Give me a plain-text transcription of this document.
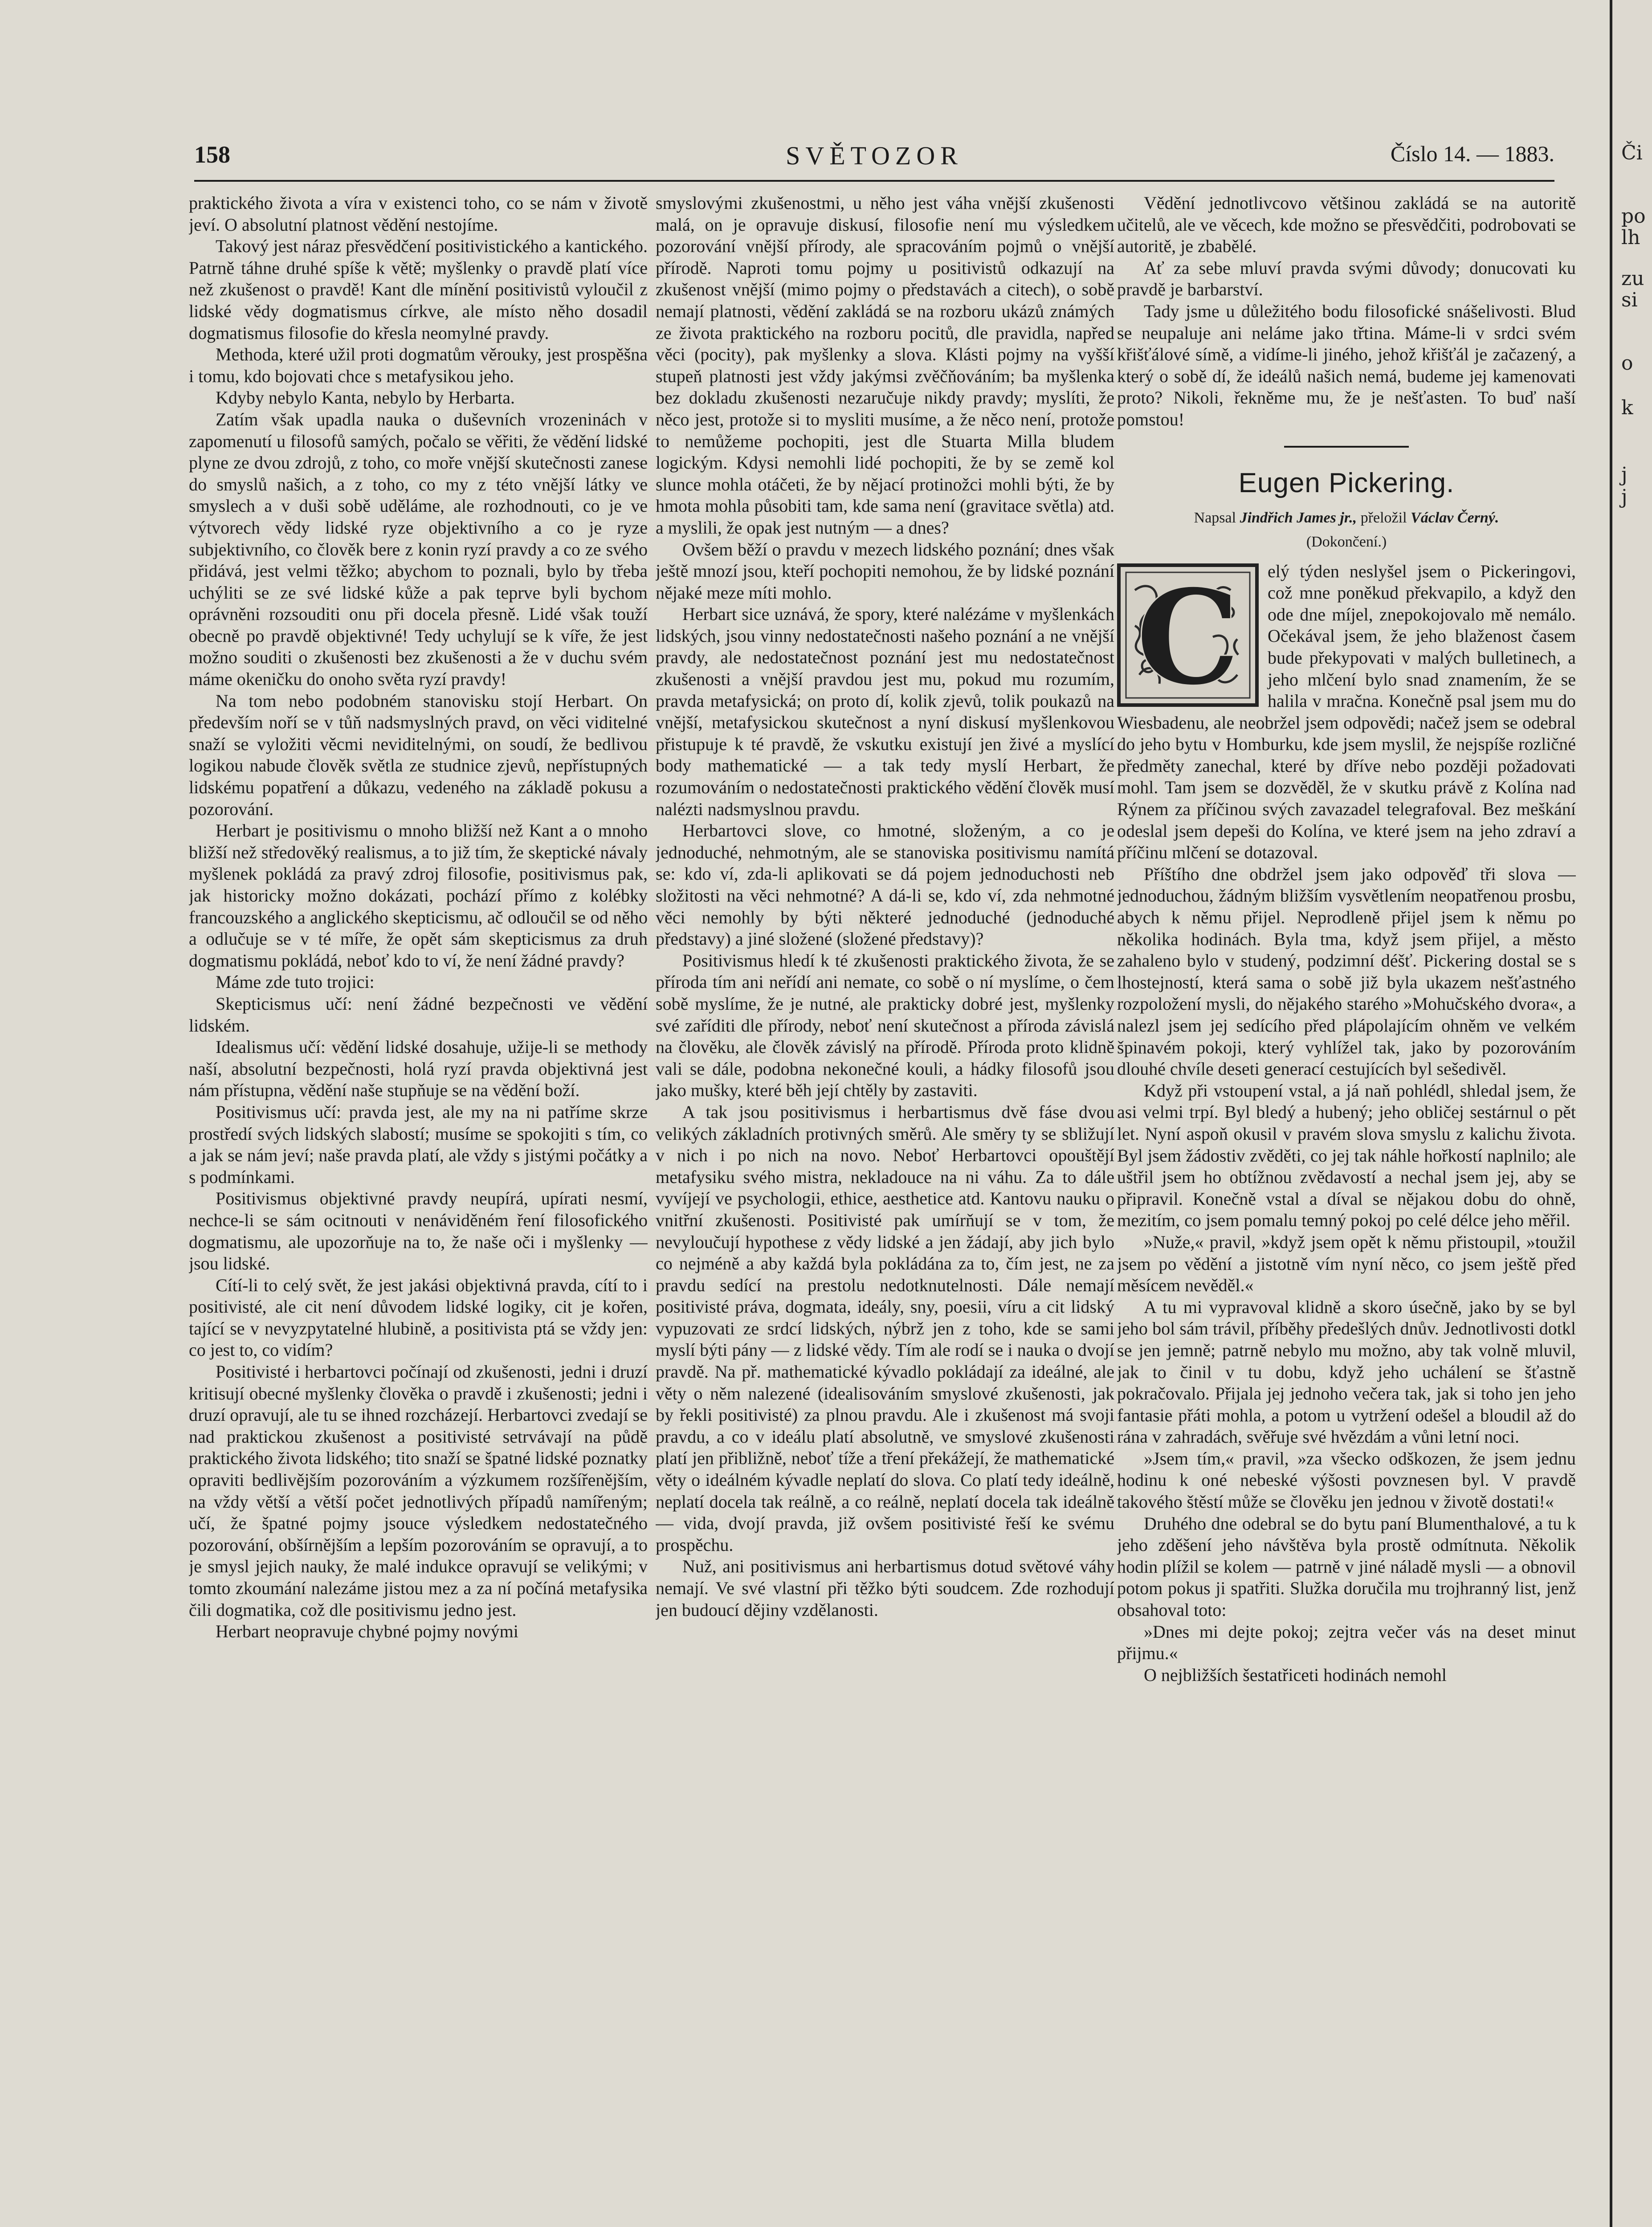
158	SVĚTOZOR	Číslo 14. — 1883.

praktického života a víra v existenci toho, co se nám v životě jeví. O absolutní platnost vědění nestojíme.

Takový jest náraz přesvědčení positivistického a kantického. Patrně táhne druhé spíše k větě; myšlenky o pravdě platí více než zkušenost o pravdě! Kant dle mínění positivistů vyloučil z lidské vědy dogmatismus církve, ale místo něho dosadil dogmatismus filosofie do křesla neomylné pravdy.

Methoda, které užil proti dogmatům věrouky, jest prospěšna i tomu, kdo bojovati chce s metafysikou jeho.

Kdyby nebylo Kanta, nebylo by Herbarta.

Zatím však upadla nauka o duševních vrozeninách v zapomenutí u filosofů samých, počalo se věřiti, že vědění lidské plyne ze dvou zdrojů, z toho, co moře vnější skutečnosti zanese do smyslů našich, a z toho, co my z této vnější látky ve smyslech a v duši sobě uděláme, ale rozhodnouti, co je ve výtvorech vědy lidské ryze objektivního a co je ryze subjektivního, co člověk bere z konin ryzí pravdy a co ze svého přidává, jest velmi těžko; abychom to poznali, bylo by třeba uchýliti se ze své lidské kůže a pak teprve byli bychom oprávněni rozsouditi onu při docela přesně. Lidé však touží obecně po pravdě objektivné! Tedy uchylují se k víře, že jest možno souditi o zkušenosti bez zkušenosti a že v duchu svém máme okeničku do onoho světa ryzí pravdy!

Na tom nebo podobném stanovisku stojí Herbart. On především noří se v tůň nadsmyslných pravd, on věci viditelné snaží se vyložiti věcmi neviditelnými, on soudí, že bedlivou logikou nabude člověk světla ze studnice zjevů, nepřístupných lidskému popatření a důkazu, vedeného na základě pokusu a pozorování.

Herbart je positivismu o mnoho bližší než Kant a o mnoho bližší než středověký realismus, a to již tím, že skeptické návaly myšlenek pokládá za pravý zdroj filosofie, positivismus pak, jak historicky možno dokázati, pochází přímo z kolébky francouzského a anglického skepticismu, ač odloučil se od něho a odlučuje se v té míře, že opět sám skepticismus za druh dogmatismu pokládá, neboť kdo to ví, že není žádné pravdy?

Máme zde tuto trojici:

Skepticismus učí: není žádné bezpečnosti ve vědění lidském.

Idealismus učí: vědění lidské dosahuje, užije-li se methody naší, absolutní bezpečnosti, holá ryzí pravda objektivná jest nám přístupna, vědění naše stupňuje se na vědění boží.

Positivismus učí: pravda jest, ale my na ni patříme skrze prostředí svých lidských slabostí; musíme se spokojiti s tím, co a jak se nám jeví; naše pravda platí, ale vždy s jistými počátky a s podmínkami.

Positivismus objektivné pravdy neupírá, upírati nesmí, nechce-li se sám ocitnouti v nenáviděném ření filosofického dogmatismu, ale upozorňuje na to, že naše oči i myšlenky — jsou lidské.

Cítí-li to celý svět, že jest jakási objektivná pravda, cítí to i positivisté, ale cit není důvodem lidské logiky, cit je kořen, tající se v nevyzpytatelné hlubině, a positivista ptá se vždy jen: co jest to, co vidím?

Positivisté i herbartovci počínají od zkušenosti, jedni i druzí kritisují obecné myšlenky člověka o pravdě i zkušenosti; jedni i druzí opravují, ale tu se ihned rozcházejí. Herbartovci zvedají se nad praktickou zkušenost a positivisté setrvávají na půdě praktického života lidského; tito snaží se špatné lidské poznatky opraviti bedlivějším pozorováním a výzkumem rozšířenějším, na vždy větší a větší počet jednotlivých případů namířeným; učí, že špatné pojmy jsouce výsledkem nedostatečného pozorování, obšírnějším a lepším pozorováním se opravují, a to je smysl jejich nauky, že malé indukce opravují se velikými; v tomto zkoumání nalezáme jistou mez a za ní počíná metafysika čili dogmatika, což dle positivismu jedno jest.

Herbart neopravuje chybné pojmy novými

smyslovými zkušenostmi, u něho jest váha vnější zkušenosti malá, on je opravuje diskusí, filosofie není mu výsledkem pozorování vnější přírody, ale spracováním pojmů o vnější přírodě. Naproti tomu pojmy u positivistů odkazují na zkušenost vnější (mimo pojmy o představách a citech), o sobě nemají platnosti, vědění zakládá se na rozboru ukázů známých ze života praktického na rozboru pocitů, dle pravidla, napřed věci (pocity), pak myšlenky a slova. Klásti pojmy na vyšší stupeň platnosti jest vždy jakýmsi zvěčňováním; ba myšlenka bez dokladu zkušenosti nezaručuje nikdy pravdy; myslíti, že něco jest, protože si to mysliti musíme, a že něco není, protože to nemůžeme pochopiti, jest dle Stuarta Milla bludem logickým. Kdysi nemohli lidé pochopiti, že by se země kol slunce mohla otáčeti, že by nějací protinožci mohli býti, že by hmota mohla působiti tam, kde sama není (gravitace světla) atd. a myslili, že opak jest nutným — a dnes?

Ovšem běží o pravdu v mezech lidského poznání; dnes však ještě mnozí jsou, kteří pochopiti nemohou, že by lidské poznání nějaké meze míti mohlo.

Herbart sice uznává, že spory, které nalézáme v myšlenkách lidských, jsou vinny nedostatečnosti našeho poznání a ne vnější pravdy, ale nedostatečnost poznání jest mu nedostatečnost zkušenosti a vnější pravdou jest mu, pokud mu rozumím, pravda metafysická; on proto dí, kolik zjevů, tolik poukazů na vnější, metafysickou skutečnost a nyní diskusí myšlenkovou přistupuje k té pravdě, že vskutku existují jen živé a myslící body mathematické — a tak tedy myslí Herbart, že rozumováním o nedostatečnosti praktického vědění člověk musí nalézti nadsmyslnou pravdu.

Herbartovci slove, co hmotné, složeným, a co je jednoduché, nehmotným, ale se stanoviska positivismu namítá se: kdo ví, zda-li aplikovati se dá pojem jednoduchosti neb složitosti na věci nehmotné? A dá-li se, kdo ví, zda nehmotné věci nemohly by býti některé jednoduché (jednoduché představy) a jiné složené (složené představy)?

Positivismus hledí k té zkušenosti praktického života, že se příroda tím ani neřídí ani nemate, co sobě o ní myslíme, o čem sobě myslíme, že je nutné, ale prakticky dobré jest, myšlenky své zaříditi dle přírody, neboť není skutečnost a příroda závislá na člověku, ale člověk závislý na přírodě. Příroda proto klidně vali se dále, podobna nekonečné kouli, a hádky filosofů jsou jako mušky, které běh její chtěly by zastaviti.

A tak jsou positivismus i herbartismus dvě fáse dvou velikých základních protivných směrů. Ale směry ty se sbližují v nich i po nich na novo. Neboť Herbartovci opouštějí metafysiku svého mistra, nekladouce na ni váhu. Za to dále vyvíjejí ve psychologii, ethice, aesthetice atd. Kantovu nauku o vnitřní zkušenosti. Positivisté pak umírňují se v tom, že nevyloučují hypothese z vědy lidské a jen žádají, aby jich bylo co nejméně a aby každá byla pokládána za to, čím jest, ne za pravdu sedící na prestolu nedotknutelnosti. Dále nemají positivisté práva, dogmata, ideály, sny, poesii, víru a cit lidský vypuzovati ze srdcí lidských, nýbrž jen z toho, kde se sami myslí býti pány — z lidské vědy. Tím ale rodí se i nauka o dvojí pravdě. Na př. mathematické kývadlo pokládají za ideálné, ale věty o něm nalezené (idealisováním smyslové zkušenosti, jak by řekli positivisté) za plnou pravdu. Ale i zkušenost má svoji pravdu, a co v ideálu platí absolutně, ve smyslové zkušenosti platí jen přibližně, neboť tíže a tření překážejí, že mathematické věty o ideálném kývadle neplatí do slova. Co platí tedy ideálně, neplatí docela tak reálně, a co reálně, neplatí docela tak ideálně — vida, dvojí pravda, již ovšem positivisté řeší ke svému prospěchu.

Nuž, ani positivismus ani herbartismus dotud světové váhy nemají. Ve své vlastní při těžko býti soudcem. Zde rozhodují jen budoucí dějiny vzdělanosti.

Vědění jednotlivcovo většinou zakládá se na autoritě učitelů, ale ve věcech, kde možno se přesvědčiti, podrobovati se autoritě, je zbabělé.

Ať za sebe mluví pravda svými důvody; donucovati ku pravdě je barbarství.

Tady jsme u důležitého bodu filosofické snášelivosti. Blud se neupaluje ani neláme jako třtina. Máme-li v srdci svém křišťálové símě, a vidíme-li jiného, jehož křišťál je začazený, a který o sobě dí, že ideálů našich nemá, budeme jej kamenovati proto? Nikoli, řekněme mu, že je nešťasten. To buď naší pomstou!

Eugen Pickering.
Napsal Jindřich James jr., přeložil Václav Černý.
(Dokončení.)
C	elý týden neslyšel jsem o Pickeringovi, což mne poněkud překvapilo, a když den ode dne míjel, znepokojovalo mě nemálo. Očekával jsem, že jeho blaženost časem bude překypovati v malých bulletinech, a jeho mlčení bylo snad znamením, že se halila v mračna. Konečně psal jsem mu do Wiesbadenu, ale neobržel jsem odpovědi; načež jsem se odebral do jeho bytu v Homburku, kde jsem myslil, že nejspíše rozličné předměty zanechal, které by dříve nebo později požadovati mohl. Tam jsem se dozvěděl, že v skutku právě z Kolína nad Rýnem za příčinou svých zavazadel telegrafoval. Bez meškání odeslal jsem depeši do Kolína, ve které jsem na jeho zdraví a příčinu mlčení se dotazoval.

Příštího dne obdržel jsem jako odpověď tři slova — jednoduchou, žádným bližším vysvětlením neopatřenou prosbu, abych k němu přijel. Neprodleně přijel jsem k němu po několika hodinách. Byla tma, když jsem přijel, a město zahaleno bylo v studený, podzimní déšť. Pickering dostal se s lhostejností, která sama o sobě již byla ukazem nešťastného rozpoložení mysli, do nějakého starého »Mohučského dvora«, a nalezl jsem jej sedícího před plápolajícím ohněm ve velkém špinavém pokoji, který vyhlížel tak, jako by pozorováním dlouhé chvíle deseti generací cestujících byl sešedivěl.

Když při vstoupení vstal, a já naň pohlédl, shledal jsem, že asi velmi trpí. Byl bledý a hubený; jeho obličej sestárnul o pět let. Nyní aspoň okusil v pravém slova smyslu z kalichu života. Byl jsem žádostiv zvěděti, co jej tak náhle hořkostí naplnilo; ale uštřil jsem ho obtížnou zvědavostí a nechal jsem jej, aby se připravil. Konečně vstal a díval se nějakou dobu do ohně, mezitím, co jsem pomalu temný pokoj po celé délce jeho měřil.

»Nuže,« pravil, »když jsem opět k němu přistoupil, »toužil jsem po vědění a jistotně vím nyní něco, co jsem ještě před měsícem nevěděl.«

A tu mi vypravoval klidně a skoro úsečně, jako by se byl jeho bol sám trávil, příběhy předešlých dnův. Jednotlivosti dotkl se jen jemně; patrně nebylo mu možno, aby tak volně mluvil, jak to činil v tu dobu, když jeho uchálení se šťastně pokračovalo. Přijala jej jednoho večera tak, jak si toho jen jeho fantasie přáti mohla, a potom u vytržení odešel a bloudil až do rána v zahradách, svěřuje své hvězdám a vůni letní noci.

»Jsem tím,« pravil, »za všecko odškozen, že jsem jednu hodinu k oné nebeské výšosti povznesen byl. V pravdě takového štěstí může se člověku jen jednou v životě dostati!«

Druhého dne odebral se do bytu paní Blumenthalové, a tu k jeho zděšení jeho návštěva byla prostě odmítnuta. Několik hodin plížil se kolem — patrně v jiné náladě mysli — a obnovil potom pokus ji spatřiti. Služka doručila mu trojhranný list, jenž obsahoval toto:

»Dnes mi dejte pokoj; zejtra večer vás na deset minut přijmu.«

O nejbližších šestatřiceti hodinách nemohl

Či
po
lh
zu
si
o
k
j
j
